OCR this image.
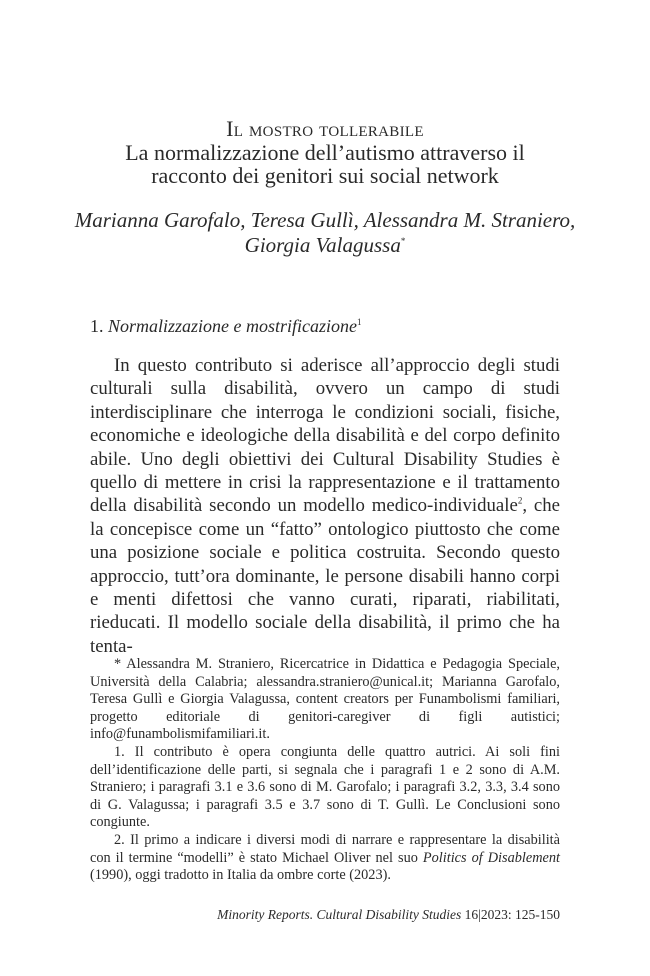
Il mostro tollerabile

La normalizzazione dell’autismo attraverso il

racconto dei genitori sui social network

Marianna Garofalo, Teresa Gullì, Alessandra M. Straniero,
Giorgia Valagussa*
1. Normalizzazione e mostrificazione$^1$

In questo contributo si aderisce all’approccio degli studi culturali sulla disabilità, ovvero un campo di studi interdisciplinare che interroga le condizioni sociali, fisiche, economiche e ideologiche della disabilità e del corpo definito abile. Uno degli obiettivi dei Cultural Disability Studies è quello di mettere in crisi la rappresentazione e il trattamento della disabilità secondo un modello medico-individuale$^2$, che la concepisce come un “fatto” ontologico piuttosto che come una posizione sociale e politica costruita. Secondo questo approccio, tutt’ora dominante, le persone disabili hanno corpi e menti difettosi che vanno curati, riparati, riabilitati, rieducati. Il modello sociale della disabilità, il primo che ha tenta-

* Alessandra M. Straniero, Ricercatrice in Didattica e Pedagogia Speciale, Università della Calabria; alessandra.straniero@unical.it; Marianna Garofalo, Teresa Gullì e Giorgia Valagussa, content creators per Funambolismi familiari, progetto editoriale di genitori-caregiver di figli autistici; info@funambolismifamiliari.it.

1. Il contributo è opera congiunta delle quattro autrici. Ai soli fini dell’identificazione delle parti, si segnala che i paragrafi 1 e 2 sono di A.M. Straniero; i paragrafi 3.1 e 3.6 sono di M. Garofalo; i paragrafi 3.2, 3.3, 3.4 sono di G. Valagussa; i paragrafi 3.5 e 3.7 sono di T. Gullì. Le Conclusioni sono congiunte.

2. Il primo a indicare i diversi modi di narrare e rappresentare la disabilità con il termine “modelli” è stato Michael Oliver nel suo Politics of Disablement (1990), oggi tradotto in Italia da ombre corte (2023).

Minority Reports. Cultural Disability Studies 16|2023: 125-150
